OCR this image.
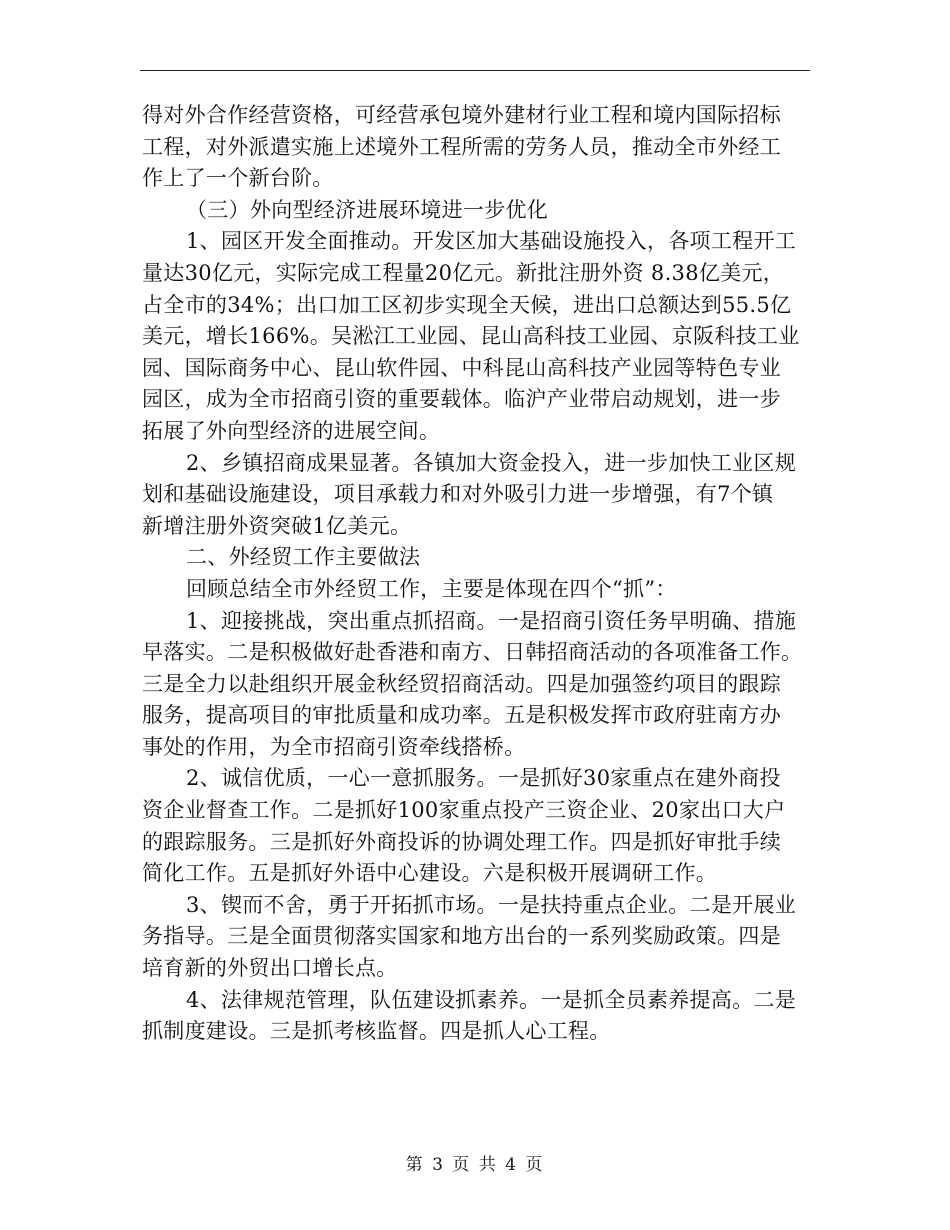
得对外合作经营资格，可经营承包境外建材行业工程和境内国际招标
工程，对外派遣实施上述境外工程所需的劳务人员，推动全市外经工
作上了一个新台阶。
（三）外向型经济进展环境进一步优化
1、园区开发全面推动。开发区加大基础设施投入，各项工程开工
量达30亿元，实际完成工程量20亿元。新批注册外资 8.38亿美元，
占全市的34%；出口加工区初步实现全天候，进出口总额达到55.5亿
美元，增长166%。吴淞江工业园、昆山高科技工业园、京阪科技工业
园、国际商务中心、昆山软件园、中科昆山高科技产业园等特色专业
园区，成为全市招商引资的重要载体。临沪产业带启动规划，进一步
拓展了外向型经济的进展空间。
2、乡镇招商成果显著。各镇加大资金投入，进一步加快工业区规
划和基础设施建设，项目承载力和对外吸引力进一步增强，有7个镇
新增注册外资突破1亿美元。
二、外经贸工作主要做法
回顾总结全市外经贸工作，主要是体现在四个“抓”：
1、迎接挑战，突出重点抓招商。一是招商引资任务早明确、措施
早落实。二是积极做好赴香港和南方、日韩招商活动的各项准备工作。
三是全力以赴组织开展金秋经贸招商活动。四是加强签约项目的跟踪
服务，提高项目的审批质量和成功率。五是积极发挥市政府驻南方办
事处的作用，为全市招商引资牵线搭桥。
2、诚信优质，一心一意抓服务。一是抓好30家重点在建外商投
资企业督查工作。二是抓好100家重点投产三资企业、20家出口大户
的跟踪服务。三是抓好外商投诉的协调处理工作。四是抓好审批手续
简化工作。五是抓好外语中心建设。六是积极开展调研工作。
3、锲而不舍，勇于开拓抓市场。一是扶持重点企业。二是开展业
务指导。三是全面贯彻落实国家和地方出台的一系列奖励政策。四是
培育新的外贸出口增长点。
4、法律规范管理，队伍建设抓素养。一是抓全员素养提高。二是
抓制度建设。三是抓考核监督。四是抓人心工程。
第 3 页 共 4 页
